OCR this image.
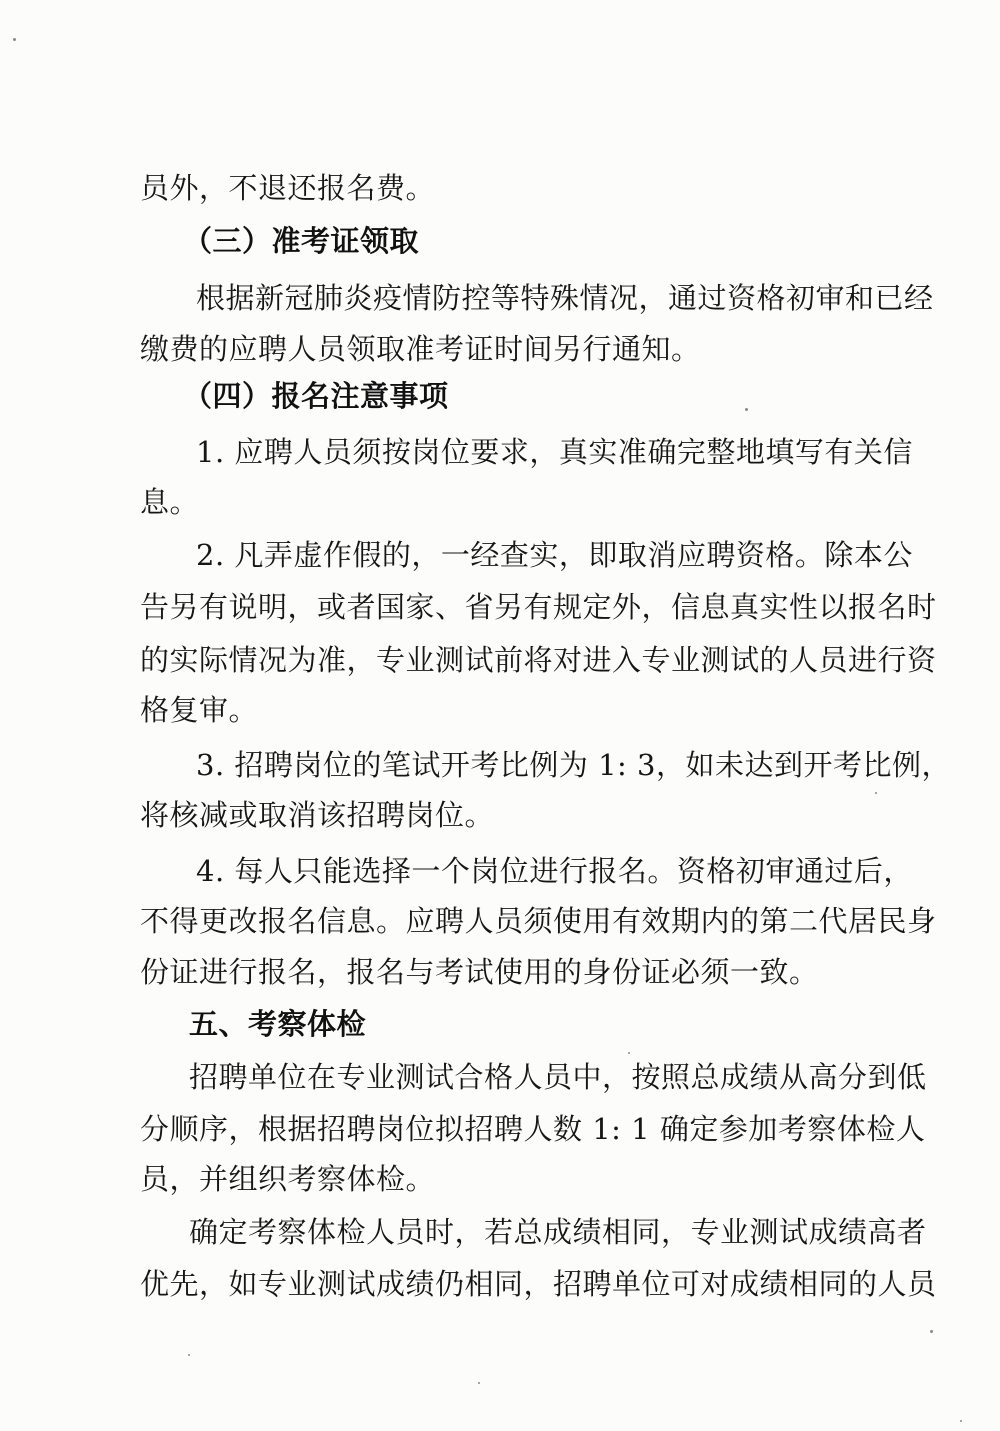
员外，不退还报名费。
（三）准考证领取
根据新冠肺炎疫情防控等特殊情况，通过资格初审和已经
缴费的应聘人员领取准考证时间另行通知。
（四）报名注意事项
1. 应聘人员须按岗位要求，真实准确完整地填写有关信
息。
2. 凡弄虚作假的，一经查实，即取消应聘资格。除本公
告另有说明，或者国家、省另有规定外，信息真实性以报名时
的实际情况为准，专业测试前将对进入专业测试的人员进行资
格复审。
3. 招聘岗位的笔试开考比例为 1: 3，如未达到开考比例，
将核减或取消该招聘岗位。
4. 每人只能选择一个岗位进行报名。资格初审通过后，
不得更改报名信息。应聘人员须使用有效期内的第二代居民身
份证进行报名，报名与考试使用的身份证必须一致。
五、考察体检
招聘单位在专业测试合格人员中，按照总成绩从高分到低
分顺序，根据招聘岗位拟招聘人数 1: 1 确定参加考察体检人
员，并组织考察体检。
确定考察体检人员时，若总成绩相同，专业测试成绩高者
优先，如专业测试成绩仍相同，招聘单位可对成绩相同的人员
